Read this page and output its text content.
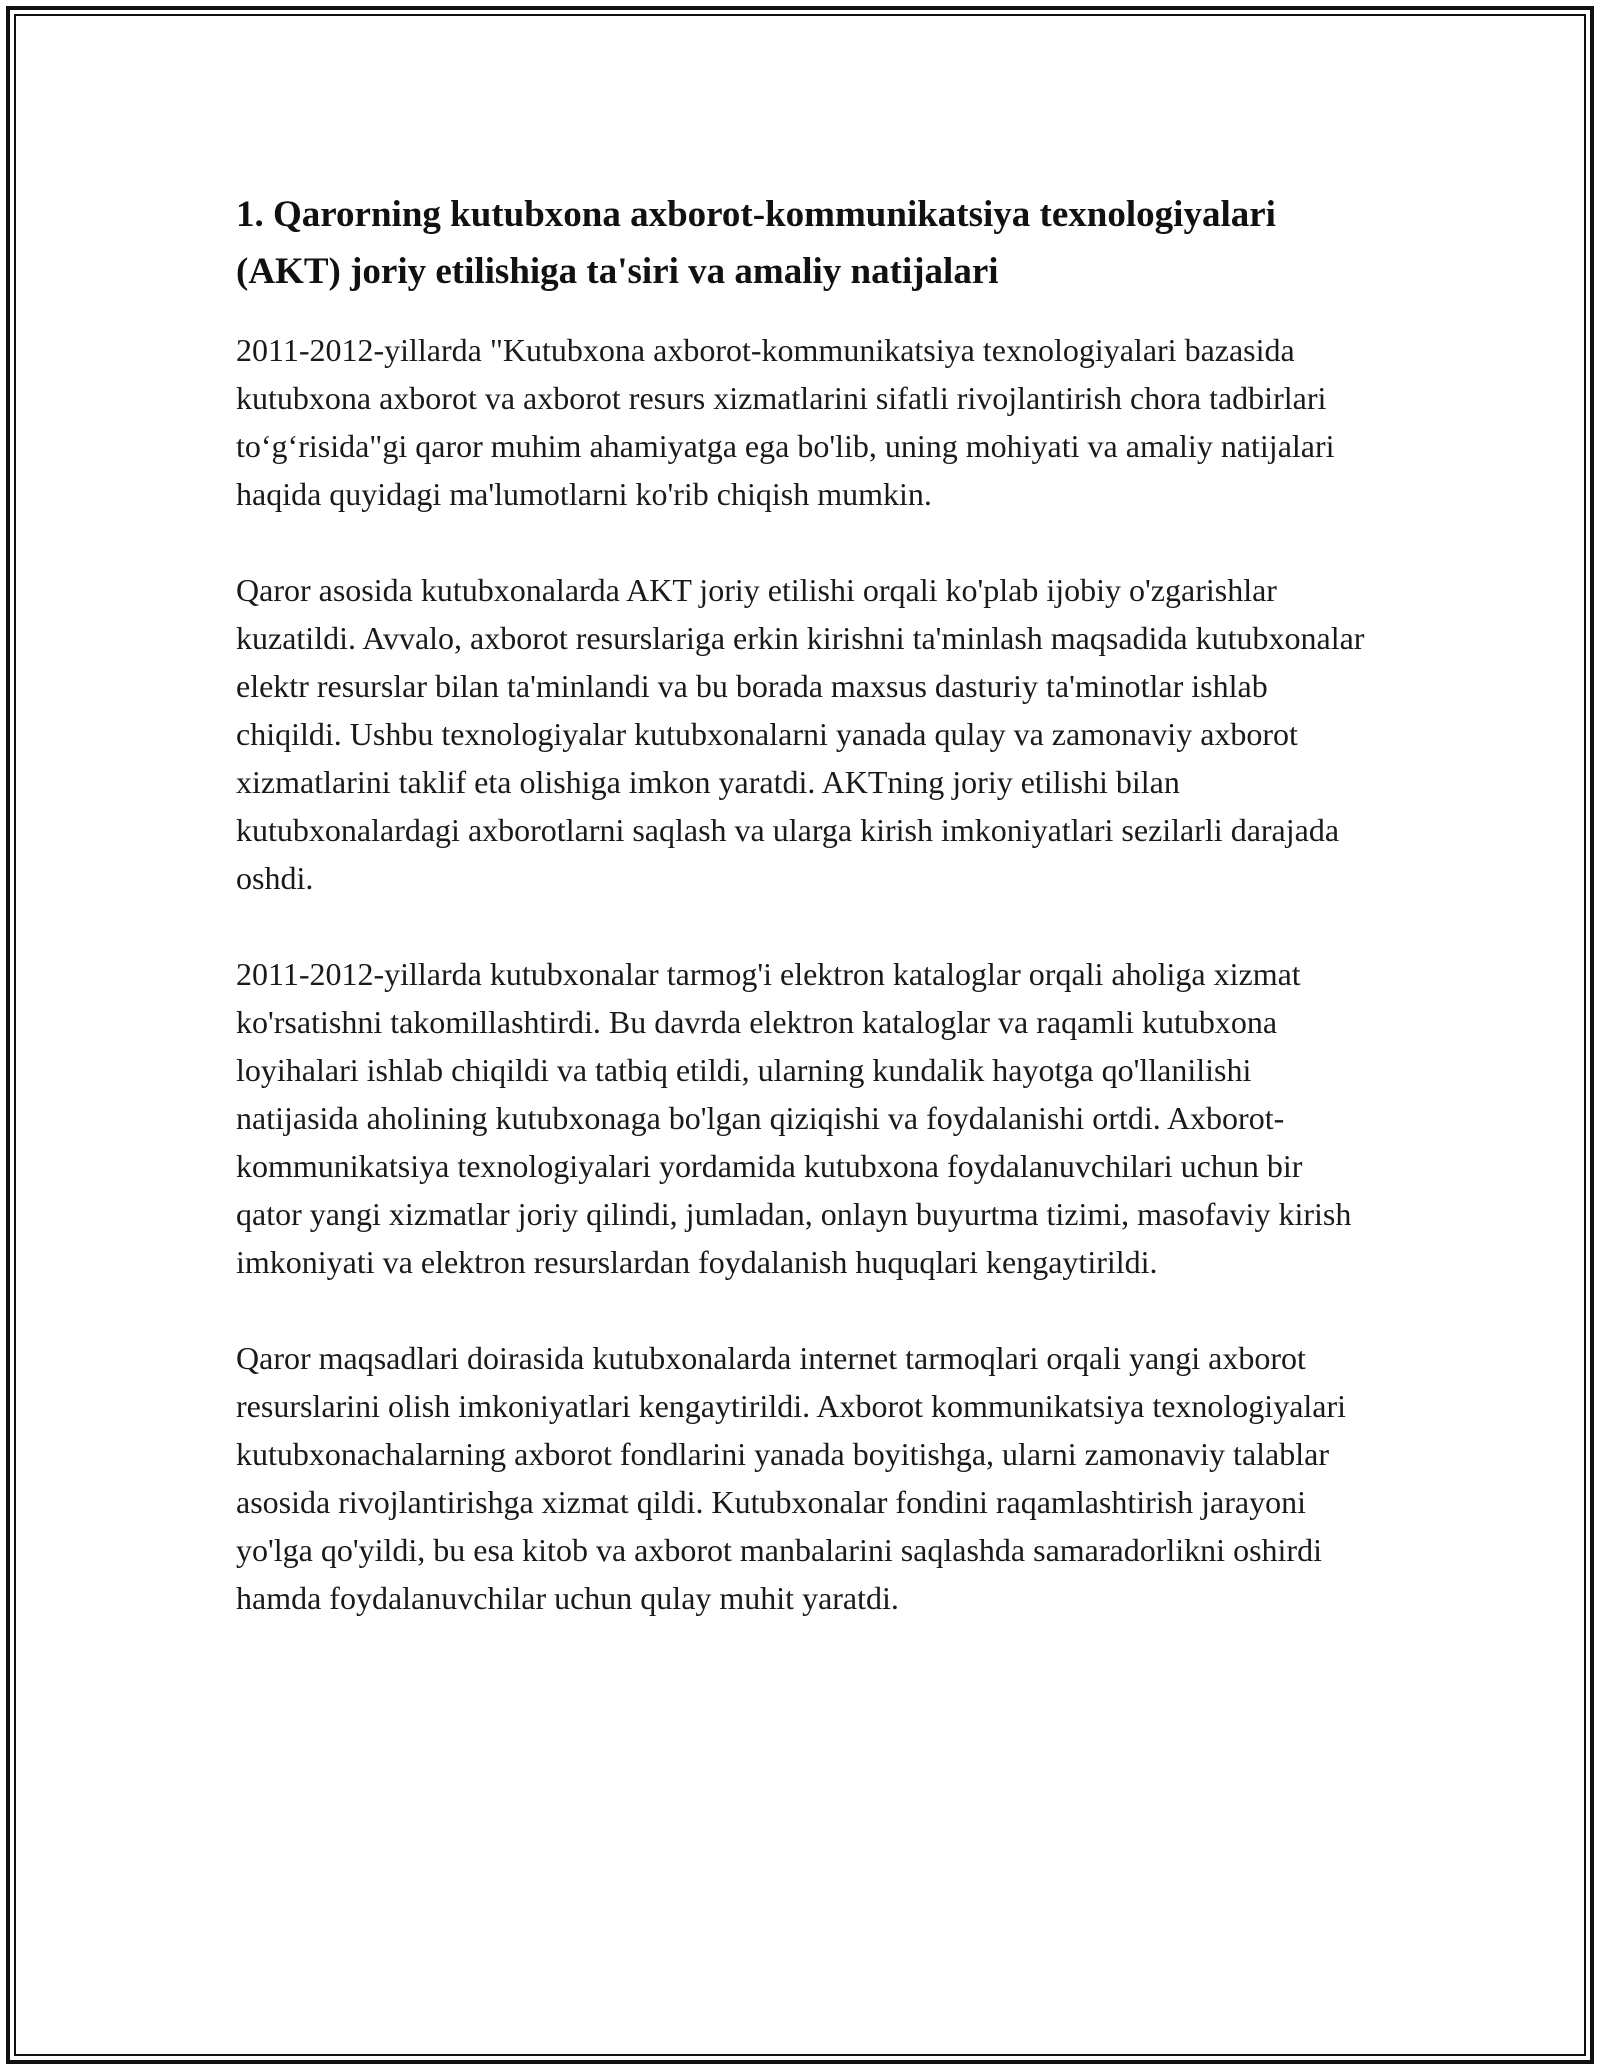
1. Qarorning kutubxona axborot-kommunikatsiya texnologiyalari (AKT) joriy etilishiga ta'siri va amaliy natijalari

2011-2012-yillarda "Kutubxona axborot-kommunikatsiya texnologiyalari bazasida kutubxona axborot va axborot resurs xizmatlarini sifatli rivojlantirish chora tadbirlari to‘g‘risida"gi qaror muhim ahamiyatga ega bo'lib, uning mohiyati va amaliy natijalari haqida quyidagi ma'lumotlarni ko'rib chiqish mumkin.

Qaror asosida kutubxonalarda AKT joriy etilishi orqali ko'plab ijobiy o'zgarishlar kuzatildi. Avvalo, axborot resurslariga erkin kirishni ta'minlash maqsadida kutubxonalar elektr resurslar bilan ta'minlandi va bu borada maxsus dasturiy ta'minotlar ishlab chiqildi. Ushbu texnologiyalar kutubxonalarni yanada qulay va zamonaviy axborot xizmatlarini taklif eta olishiga imkon yaratdi. AKTning joriy etilishi bilan kutubxonalardagi axborotlarni saqlash va ularga kirish imkoniyatlari sezilarli darajada oshdi.

2011-2012-yillarda kutubxonalar tarmog'i elektron kataloglar orqali aholiga xizmat ko'rsatishni takomillashtirdi. Bu davrda elektron kataloglar va raqamli kutubxona loyihalari ishlab chiqildi va tatbiq etildi, ularning kundalik hayotga qo'llanilishi natijasida aholining kutubxonaga bo'lgan qiziqishi va foydalanishi ortdi. Axborot-kommunikatsiya texnologiyalari yordamida kutubxona foydalanuvchilari uchun bir qator yangi xizmatlar joriy qilindi, jumladan, onlayn buyurtma tizimi, masofaviy kirish imkoniyati va elektron resurslardan foydalanish huquqlari kengaytirildi.

Qaror maqsadlari doirasida kutubxonalarda internet tarmoqlari orqali yangi axborot resurslarini olish imkoniyatlari kengaytirildi. Axborot kommunikatsiya texnologiyalari kutubxonachalarning axborot fondlarini yanada boyitishga, ularni zamonaviy talablar asosida rivojlantirishga xizmat qildi. Kutubxonalar fondini raqamlashtirish jarayoni yo'lga qo'yildi, bu esa kitob va axborot manbalarini saqlashda samaradorlikni oshirdi hamda foydalanuvchilar uchun qulay muhit yaratdi.
